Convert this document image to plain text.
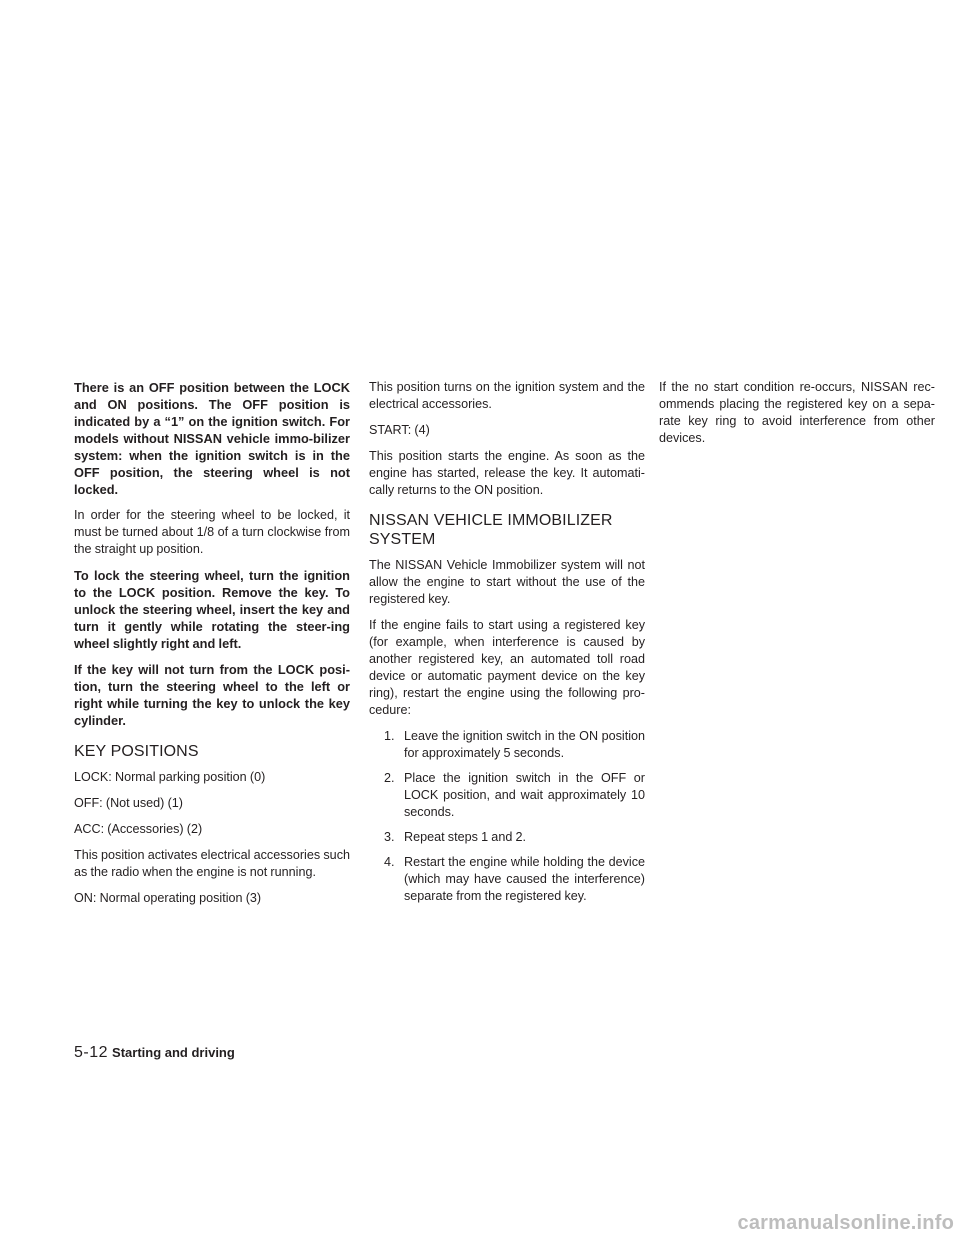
There is an OFF position between the LOCK and ON positions. The OFF position is indicated by a “1” on the ignition switch. For models without NISSAN vehicle immo-bilizer system: when the ignition switch is in the OFF position, the steering wheel is not locked.

In order for the steering wheel to be locked, it must be turned about 1/8 of a turn clockwise from the straight up position.

To lock the steering wheel, turn the ignition to the LOCK position. Remove the key. To unlock the steering wheel, insert the key and turn it gently while rotating the steer-ing wheel slightly right and left.

If the key will not turn from the LOCK posi-tion, turn the steering wheel to the left or right while turning the key to unlock the key cylinder.

KEY POSITIONS

LOCK: Normal parking position (0)

OFF: (Not used) (1)

ACC: (Accessories) (2)

This position activates electrical accessories such as the radio when the engine is not running.

ON: Normal operating position (3)

This position turns on the ignition system and the electrical accessories.

START: (4)

This position starts the engine. As soon as the engine has started, release the key. It automati-cally returns to the ON position.

NISSAN VEHICLE IMMOBILIZER SYSTEM

The NISSAN Vehicle Immobilizer system will not allow the engine to start without the use of the registered key.

If the engine fails to start using a registered key (for example, when interference is caused by another registered key, an automated toll road device or automatic payment device on the key ring), restart the engine using the following pro-cedure:

1. Leave the ignition switch in the ON position for approximately 5 seconds.
2. Place the ignition switch in the OFF or LOCK position, and wait approximately 10 seconds.
3. Repeat steps 1 and 2.
4. Restart the engine while holding the device (which may have caused the interference) separate from the registered key.

If the no start condition re-occurs, NISSAN rec-ommends placing the registered key on a sepa-rate key ring to avoid interference from other devices.

5-12 Starting and driving
carmanualsonline.info
